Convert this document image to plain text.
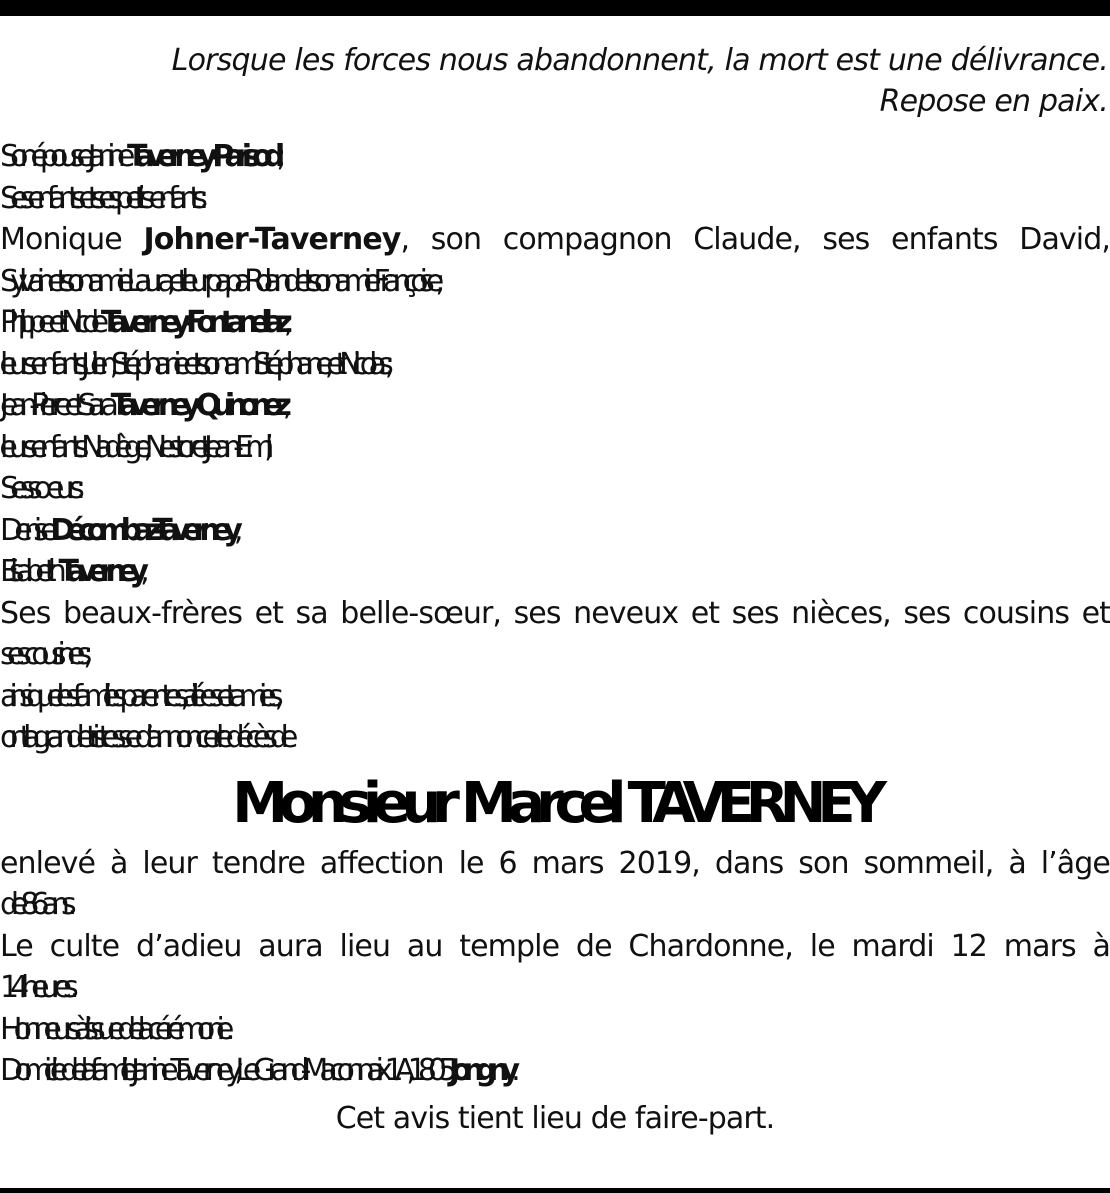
Lorsque les forces nous abandonnent, la mort est une délivrance.
Repose en paix.
Son épouse: Janine Taverney-Parisod;
Ses enfants et ses petits-enfants:
Monique Johner-Taverney, son compagnon Claude, ses enfants David,
Sylvain et son amie Laura, et leur papa Roland et son amie Françoise;
Philippe et Nicole Taverney-Fontanellaz,
leurs enfants Julien, Stéphanie et son ami Stéphane, et Nicolas;
Jean-Pierre et Sara Taverney-Quinonez,
leurs enfants Nadège, Nestor et Jean-Emil;
Ses sœurs:
Denise Décombaz-Taverney;
Elisabeth Taverney;
Ses beaux-frères et sa belle-sœur, ses neveux et ses nièces, ses cousins et
ses cousines;
ainsi que les familles parentes, alliées et amies,
ont la grande tristesse d’annoncer le décès de
Monsieur Marcel TAVERNEY
enlevé à leur tendre affection le 6 mars 2019, dans son sommeil, à l’âge
de 86 ans.
Le culte d’adieu aura lieu au temple de Chardonne, le mardi 12 mars à
14 heures.
Honneurs à l’issue de la cérémonie.
Domicile de la famille: Janine Taverney, Le Grand-Maconnaix 1A, 1805 Jongny.
Cet avis tient lieu de faire-part.
